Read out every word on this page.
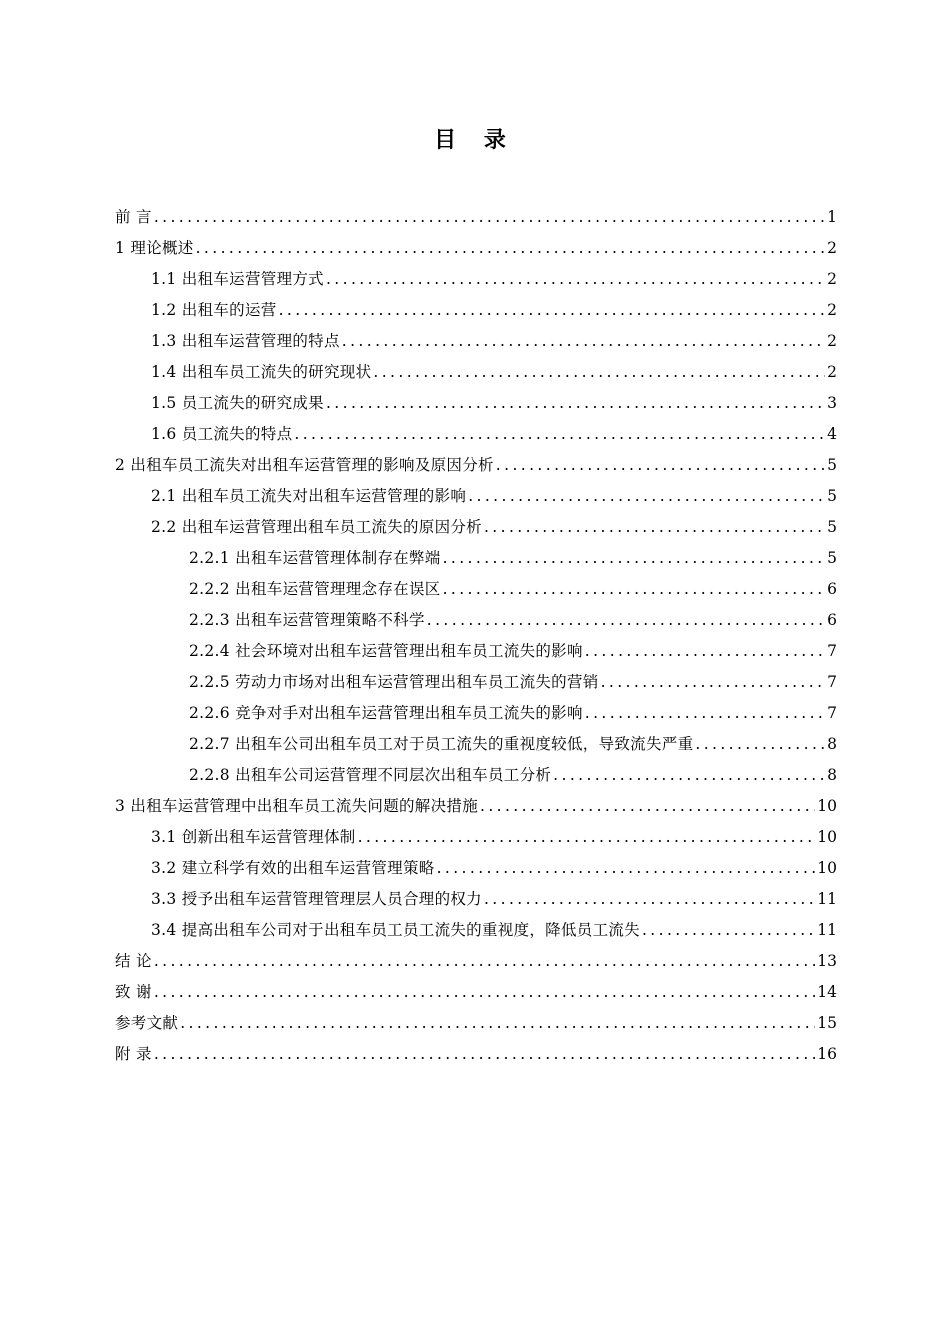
目 录
前 言 .....	1
1 理论概述 .....	2
1.1 出租车运营管理方式 .....	2
1.2 出租车的运营 .....	2
1.3 出租车运营管理的特点 .....	2
1.4 出租车员工流失的研究现状 .....	2
1.5 员工流失的研究成果 .....	3
1.6 员工流失的特点 .....	4
2 出租车员工流失对出租车运营管理的影响及原因分析 .....	5
2.1 出租车员工流失对出租车运营管理的影响 .....	5
2.2 出租车运营管理出租车员工流失的原因分析 .....	5
2.2.1 出租车运营管理体制存在弊端 .....	5
2.2.2 出租车运营管理理念存在误区 .....	6
2.2.3 出租车运营管理策略不科学 .....	6
2.2.4 社会环境对出租车运营管理出租车员工流失的影响 .....	7
2.2.5 劳动力市场对出租车运营管理出租车员工流失的营销 .....	7
2.2.6 竞争对手对出租车运营管理出租车员工流失的影响 .....	7
2.2.7 出租车公司出租车员工对于员工流失的重视度较低，导致流失严重 .....	8
2.2.8 出租车公司运营管理不同层次出租车员工分析 .....	8
3 出租车运营管理中出租车员工流失问题的解决措施 .....	10
3.1 创新出租车运营管理体制 .....	10
3.2 建立科学有效的出租车运营管理策略 .....	10
3.3 授予出租车运营管理管理层人员合理的权力 .....	11
3.4 提高出租车公司对于出租车员工员工流失的重视度，降低员工流失 .....	11
结 论 .....	13
致 谢 .....	14
参考文献 .....	15
附 录 .....	16
